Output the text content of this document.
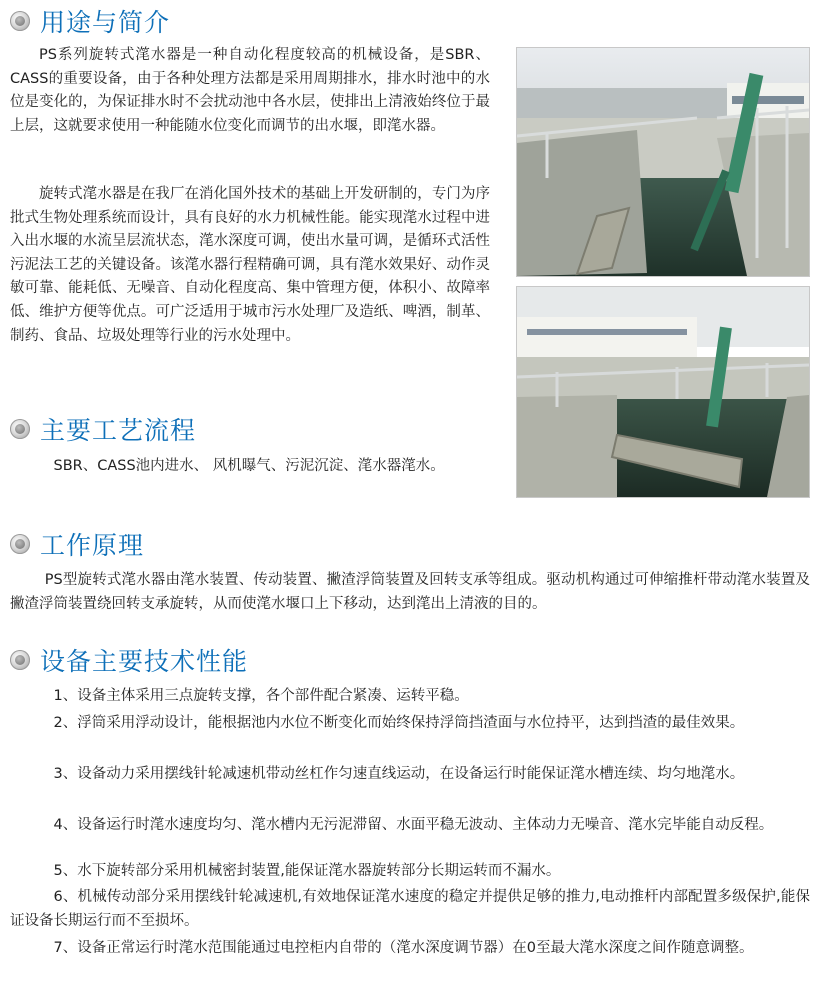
用途与简介

PS系列旋转式滗水器是一种自动化程度较高的机械设备，是SBR、CASS的重要设备，由于各种处理方法都是采用周期排水，排水时池中的水位是变化的，为保证排水时不会扰动池中各水层，使排出上清液始终位于最上层，这就要求使用一种能随水位变化而调节的出水堰，即滗水器。

旋转式滗水器是在我厂在消化国外技术的基础上开发研制的，专门为序批式生物处理系统而设计，具有良好的水力机械性能。能实现滗水过程中进入出水堰的水流呈层流状态，滗水深度可调，使出水量可调，是循环式活性污泥法工艺的关键设备。该滗水器行程精确可调，具有滗水效果好、动作灵敏可靠、能耗低、无噪音、自动化程度高、集中管理方便，体积小、故障率低、维护方便等优点。可广泛适用于城市污水处理厂及造纸、啤酒，制革、制药、食品、垃圾处理等行业的污水处理中。

主要工艺流程

SBR、CASS池内进水、 风机曝气、污泥沉淀、滗水器滗水。

工作原理

PS型旋转式滗水器由滗水装置、传动装置、撇渣浮筒装置及回转支承等组成。驱动机构通过可伸缩推杆带动滗水装置及撇渣浮筒装置绕回转支承旋转，从而使滗水堰口上下移动，达到滗出上清液的目的。

设备主要技术性能

1、设备主体采用三点旋转支撑，各个部件配合紧凑、运转平稳。

2、浮筒采用浮动设计，能根据池内水位不断变化而始终保持浮筒挡渣面与水位持平，达到挡渣的最佳效果。

3、设备动力采用摆线针轮减速机带动丝杠作匀速直线运动，在设备运行时能保证滗水槽连续、均匀地滗水。

4、设备运行时滗水速度均匀、滗水槽内无污泥滞留、水面平稳无波动、主体动力无噪音、滗水完毕能自动反程。

5、水下旋转部分采用机械密封装置,能保证滗水器旋转部分长期运转而不漏水。

6、机械传动部分采用摆线针轮减速机,有效地保证滗水速度的稳定并提供足够的推力,电动推杆内部配置多级保护,能保证设备长期运行而不至损坏。

7、设备正常运行时滗水范围能通过电控柜内自带的（滗水深度调节器）在0至最大滗水深度之间作随意调整。
